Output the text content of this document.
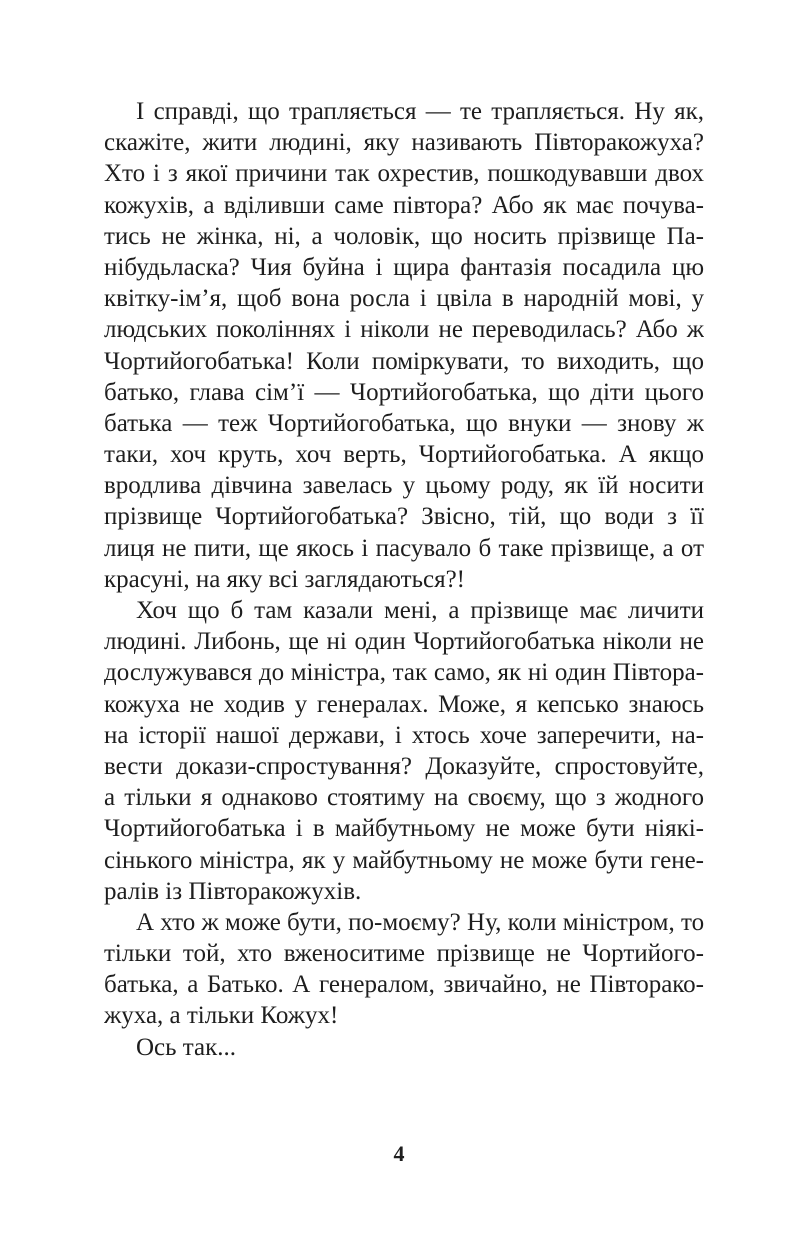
І справді, що трапляється — те трапляється. Ну як,
скажіте, жити людині, яку називають Півторакожуха?
Хто і з якої причини так охрестив, пошкодувавши двох
кожухів, а вділивши саме півтора? Або як має почува-
тись не жінка, ні, а чоловік, що носить прізвище Па-
нібудьласка? Чия буйна і щира фантазія посадила цю
квітку-ім’я, щоб вона росла і цвіла в народній мові, у
людських поколіннях і ніколи не переводилась? Або ж
Чортийогобатька! Коли поміркувати, то виходить, що
батько, глава сім’ї — Чортийогобатька, що діти цього
батька — теж Чортийогобатька, що внуки — знову ж
таки, хоч круть, хоч верть, Чортийогобатька. А якщо
вродлива дівчина завелась у цьому роду, як їй носити
прізвище Чортийогобатька? Звісно, тій, що води з її
лиця не пити, ще якось і пасувало б таке прізвище, а от
красуні, на яку всі заглядаються?!
Хоч що б там казали мені, а прізвище має личити
людині. Либонь, ще ні один Чортийогобатька ніколи не
дослужувався до міністра, так само, як ні один Півтора-
кожуха не ходив у генералах. Може, я кепсько знаюсь
на історії нашої держави, і хтось хоче заперечити, на-
вести докази-спростування? Доказуйте, спростовуйте,
а тільки я однаково стоятиму на своєму, що з жодного
Чортийогобатька і в майбутньому не може бути ніякі-
сінького міністра, як у майбутньому не може бути гене-
ралів із Півторакожухів.
А хто ж може бути, по-моєму? Ну, коли міністром, то
тільки той, хто вженоситиме прізвище не Чортийого-
батька, а Батько. А генералом, звичайно, не Півторако-
жуха, а тільки Кожух!
Ось так...
4
